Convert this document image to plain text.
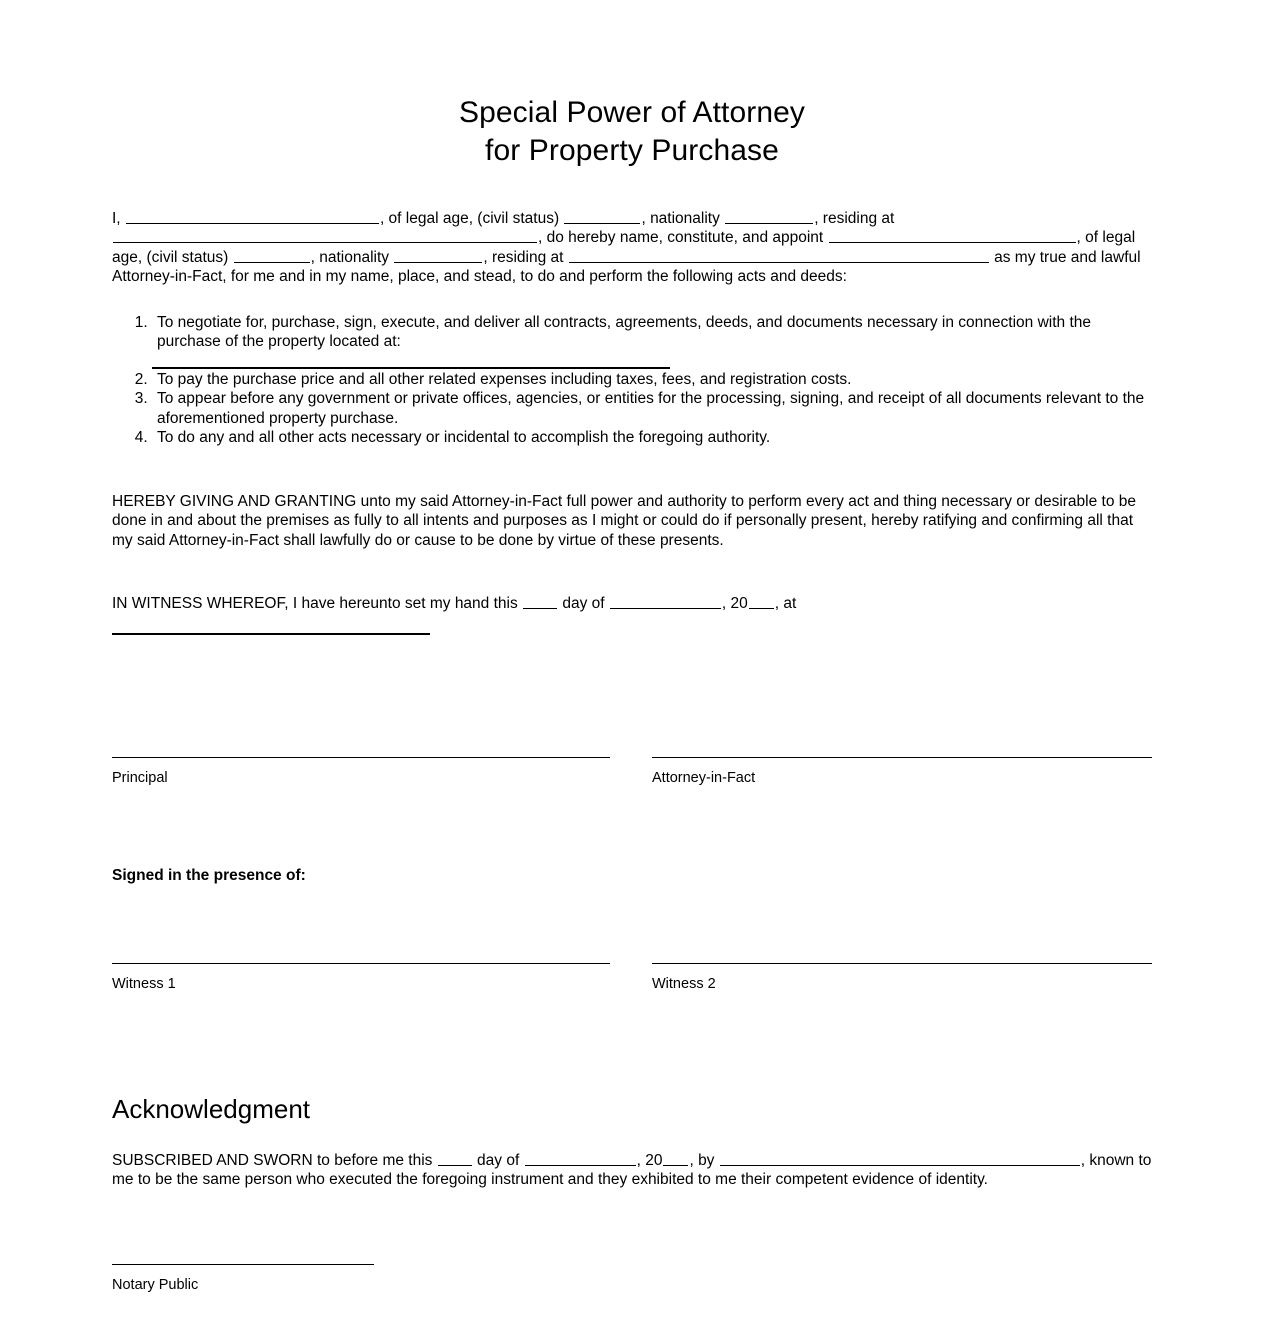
Special Power of Attorney
for Property Purchase
I,	, of legal age, (civil status)	, nationality	, residing at , do hereby name, constitute, and appoint	, of legal age, (civil status)	, nationality	, residing at	as my true and lawful Attorney-in-Fact, for me and in my name, place, and stead, to do and perform the following acts and deeds:
1. To negotiate for, purchase, sign, execute, and deliver all contracts, agreements, deeds, and documents necessary in connection with the purchase of the property located at:
2. To pay the purchase price and all other related expenses including taxes, fees, and registration costs.
3. To appear before any government or private offices, agencies, or entities for the processing, signing, and receipt of all documents relevant to the aforementioned property purchase.
4. To do any and all other acts necessary or incidental to accomplish the foregoing authority.
HEREBY GIVING AND GRANTING unto my said Attorney-in-Fact full power and authority to perform every act and thing necessary or desirable to be done in and about the premises as fully to all intents and purposes as I might or could do if personally present, hereby ratifying and confirming all that my said Attorney-in-Fact shall lawfully do or cause to be done by virtue of these presents.
IN WITNESS WHEREOF, I have hereunto set my hand this	day of	, 20 , at
Principal	Attorney-in-Fact
Signed in the presence of:
Witness 1	Witness 2
Acknowledgment
SUBSCRIBED AND SWORN to before me this	day of	, 20 , by	, known to me to be the same person who executed the foregoing instrument and they exhibited to me their competent evidence of identity.
Notary Public
